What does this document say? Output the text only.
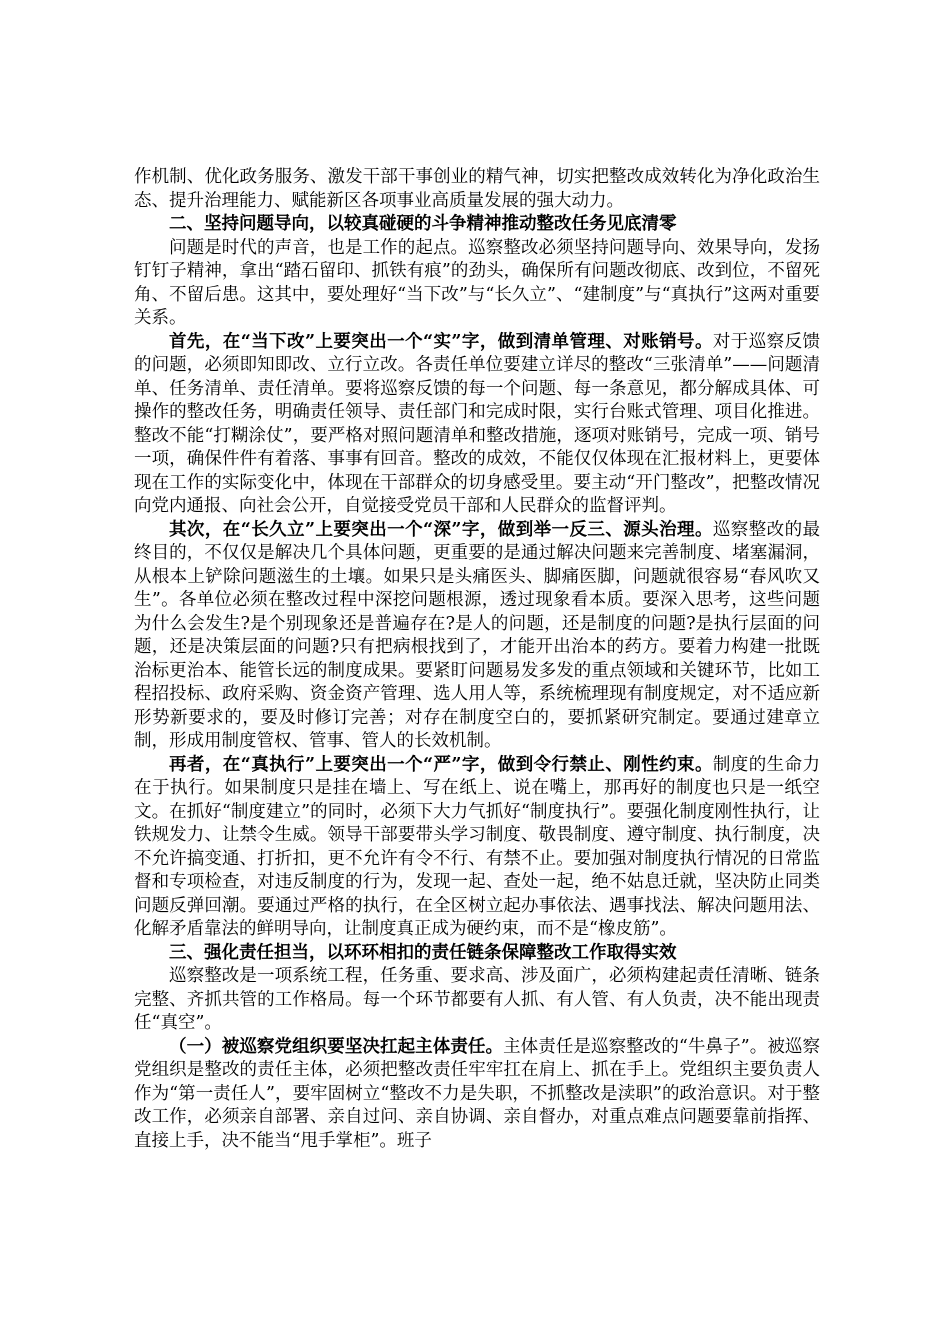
作机制、优化政务服务、激发干部干事创业的精气神，切实把整改成效转化为净化政治生态、提升治理能力、赋能新区各项事业高质量发展的强大动力。

二、坚持问题导向，以较真碰硬的斗争精神推动整改任务见底清零

问题是时代的声音，也是工作的起点。巡察整改必须坚持问题导向、效果导向，发扬钉钉子精神，拿出“踏石留印、抓铁有痕”的劲头，确保所有问题改彻底、改到位，不留死角、不留后患。这其中，要处理好“当下改”与“长久立”、“建制度”与“真执行”这两对重要关系。

首先，在“当下改”上要突出一个“实”字，做到清单管理、对账销号。对于巡察反馈的问题，必须即知即改、立行立改。各责任单位要建立详尽的整改“三张清单”——问题清单、任务清单、责任清单。要将巡察反馈的每一个问题、每一条意见，都分解成具体、可操作的整改任务，明确责任领导、责任部门和完成时限，实行台账式管理、项目化推进。整改不能“打糊涂仗”，要严格对照问题清单和整改措施，逐项对账销号，完成一项、销号一项，确保件件有着落、事事有回音。整改的成效，不能仅仅体现在汇报材料上，更要体现在工作的实际变化中，体现在干部群众的切身感受里。要主动“开门整改”，把整改情况向党内通报、向社会公开，自觉接受党员干部和人民群众的监督评判。

其次，在“长久立”上要突出一个“深”字，做到举一反三、源头治理。巡察整改的最终目的，不仅仅是解决几个具体问题，更重要的是通过解决问题来完善制度、堵塞漏洞，从根本上铲除问题滋生的土壤。如果只是头痛医头、脚痛医脚，问题就很容易“春风吹又生”。各单位必须在整改过程中深挖问题根源，透过现象看本质。要深入思考，这些问题为什么会发生?是个别现象还是普遍存在?是人的问题，还是制度的问题?是执行层面的问题，还是决策层面的问题?只有把病根找到了，才能开出治本的药方。要着力构建一批既治标更治本、能管长远的制度成果。要紧盯问题易发多发的重点领域和关键环节，比如工程招投标、政府采购、资金资产管理、选人用人等，系统梳理现有制度规定，对不适应新形势新要求的，要及时修订完善；对存在制度空白的，要抓紧研究制定。要通过建章立制，形成用制度管权、管事、管人的长效机制。

再者，在“真执行”上要突出一个“严”字，做到令行禁止、刚性约束。制度的生命力在于执行。如果制度只是挂在墙上、写在纸上、说在嘴上，那再好的制度也只是一纸空文。在抓好“制度建立”的同时，必须下大力气抓好“制度执行”。要强化制度刚性执行，让铁规发力、让禁令生威。领导干部要带头学习制度、敬畏制度、遵守制度、执行制度，决不允许搞变通、打折扣，更不允许有令不行、有禁不止。要加强对制度执行情况的日常监督和专项检查，对违反制度的行为，发现一起、查处一起，绝不姑息迁就，坚决防止同类问题反弹回潮。要通过严格的执行，在全区树立起办事依法、遇事找法、解决问题用法、化解矛盾靠法的鲜明导向，让制度真正成为硬约束，而不是“橡皮筋”。

三、强化责任担当，以环环相扣的责任链条保障整改工作取得实效

巡察整改是一项系统工程，任务重、要求高、涉及面广，必须构建起责任清晰、链条完整、齐抓共管的工作格局。每一个环节都要有人抓、有人管、有人负责，决不能出现责任“真空”。

（一）被巡察党组织要坚决扛起主体责任。主体责任是巡察整改的“牛鼻子”。被巡察党组织是整改的责任主体，必须把整改责任牢牢扛在肩上、抓在手上。党组织主要负责人作为“第一责任人”，要牢固树立“整改不力是失职，不抓整改是渎职”的政治意识。对于整改工作，必须亲自部署、亲自过问、亲自协调、亲自督办，对重点难点问题要靠前指挥、直接上手，决不能当“甩手掌柜”。班子
